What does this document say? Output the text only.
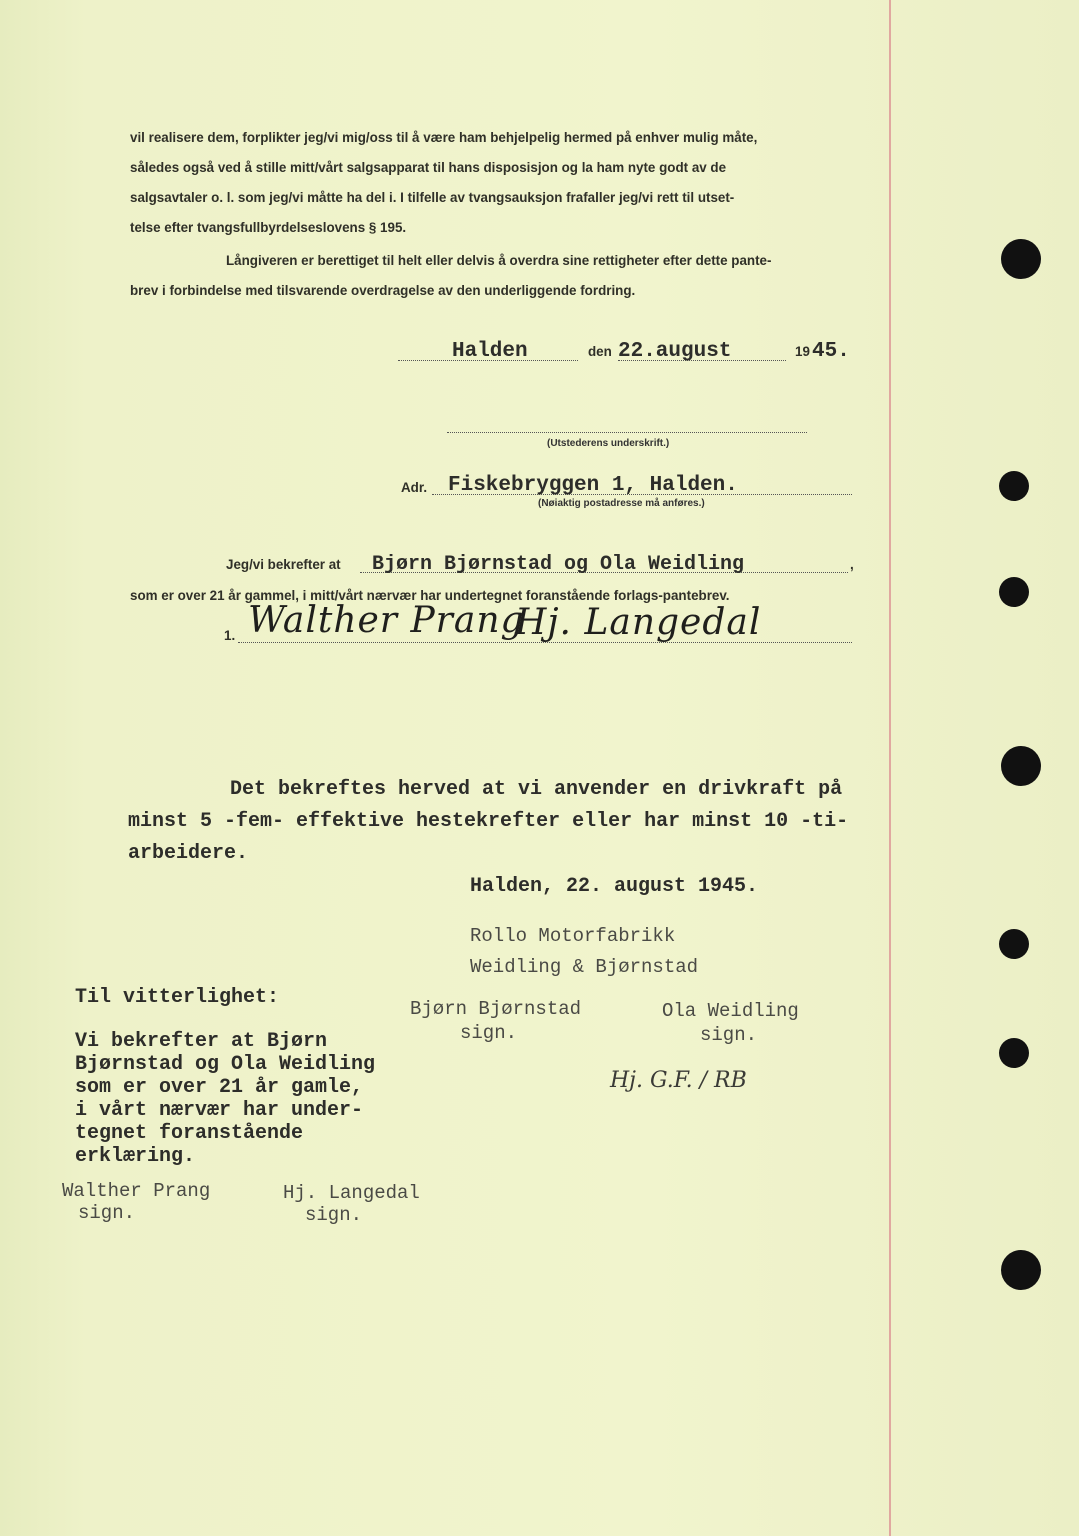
vil realisere dem, forplikter jeg/vi mig/oss til å være ham behjelpelig hermed på enhver mulig måte,
således også ved å stille mitt/vårt salgsapparat til hans disposisjon og la ham nyte godt av de
salgsavtaler o. l. som jeg/vi måtte ha del i. I tilfelle av tvangsauksjon frafaller jeg/vi rett til utset-
telse efter tvangsfullbyrdelseslovens § 195.
Långiveren er berettiget til helt eller delvis å overdra sine rettigheter efter dette pante-
brev i forbindelse med tilsvarende overdragelse av den underliggende fordring.
Halden	den 22.august	19 45.
(Utstederens underskrift.)
Adr. Fiskebryggen 1, Halden.
(Nøiaktig postadresse må anføres.)
Jeg/vi bekrefter at Bjørn Bjørnstad og Ola Weidling	,
som er over 21 år gammel, i mitt/vårt nærvær har undertegnet foranstående forlags-pantebrev.
1. Walther Prang
Hj. Langedal
Det bekreftes herved at vi anvender en drivkraft på
minst 5 -fem- effektive hestekrefter eller har minst 10 -ti-
arbeidere.
Halden, 22. august 1945.
Rollo Motorfabrikk
Weidling & Bjørnstad
Bjørn Bjørnstad
sign.
Ola Weidling
sign.
Til vitterlighet:
Vi bekrefter at Bjørn
Bjørnstad og Ola Weidling
som er over 21 år gamle,
i vårt nærvær har under-
tegnet foranstående
erklæring.
Walther Prang
sign.
Hj. Langedal
sign.
Hj. G.F. / RB
